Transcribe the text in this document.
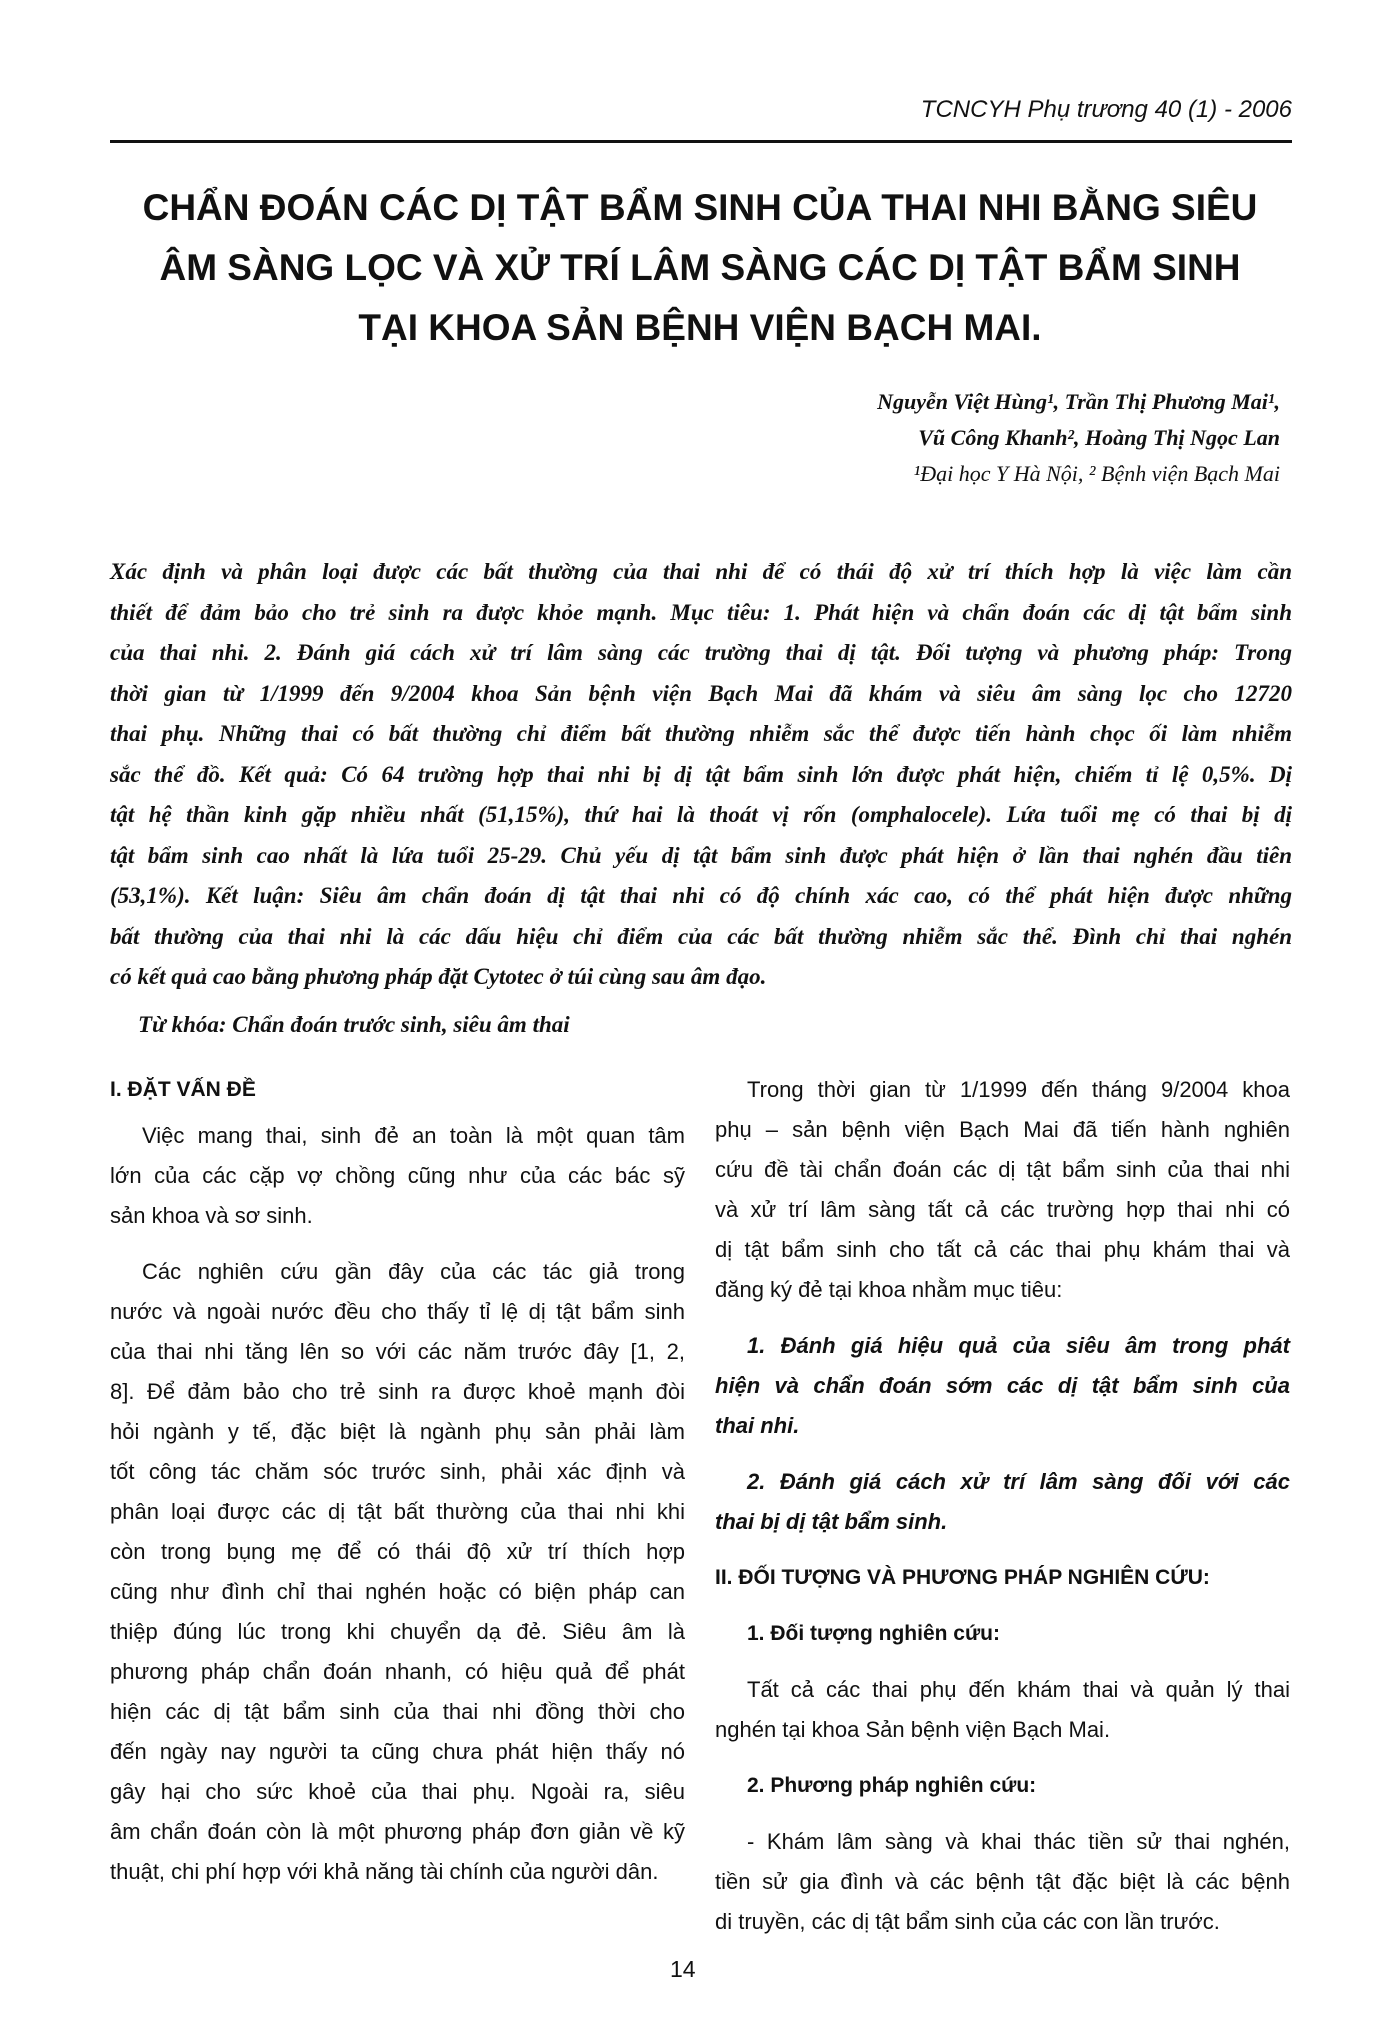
TCNCYH Phụ trương 40 (1) - 2006
CHẨN ĐOÁN CÁC DỊ TẬT BẨM SINH CỦA THAI NHI BẰNG SIÊU
ÂM SÀNG LỌC VÀ XỬ TRÍ LÂM SÀNG CÁC DỊ TẬT BẨM SINH
TẠI KHOA SẢN BỆNH VIỆN BẠCH MAI.
Nguyễn Việt Hùng¹, Trần Thị Phương Mai¹,
Vũ Công Khanh², Hoàng Thị Ngọc Lan
¹Đại học Y Hà Nội, ² Bệnh viện Bạch Mai
Xác định và phân loại được các bất thường của thai nhi để có thái độ xử trí thích hợp là việc làm cần
thiết để đảm bảo cho trẻ sinh ra được khỏe mạnh. Mục tiêu: 1. Phát hiện và chẩn đoán các dị tật bẩm sinh
của thai nhi. 2. Đánh giá cách xử trí lâm sàng các trường thai dị tật. Đối tượng và phương pháp: Trong
thời gian từ 1/1999 đến 9/2004 khoa Sản bệnh viện Bạch Mai đã khám và siêu âm sàng lọc cho 12720
thai phụ. Những thai có bất thường chỉ điểm bất thường nhiễm sắc thể được tiến hành chọc ối làm nhiễm
sắc thể đồ. Kết quả: Có 64 trường hợp thai nhi bị dị tật bẩm sinh lớn được phát hiện, chiếm tỉ lệ 0,5%. Dị
tật hệ thần kinh gặp nhiều nhất (51,15%), thứ hai là thoát vị rốn (omphalocele). Lứa tuổi mẹ có thai bị dị
tật bẩm sinh cao nhất là lứa tuổi 25-29. Chủ yếu dị tật bẩm sinh được phát hiện ở lần thai nghén đầu tiên
(53,1%). Kết luận: Siêu âm chẩn đoán dị tật thai nhi có độ chính xác cao, có thể phát hiện được những
bất thường của thai nhi là các dấu hiệu chỉ điểm của các bất thường nhiễm sắc thể. Đình chỉ thai nghén
có kết quả cao bằng phương pháp đặt Cytotec ở túi cùng sau âm đạo.
Từ khóa: Chẩn đoán trước sinh, siêu âm thai
I. ĐẶT VẤN ĐỀ
Việc mang thai, sinh đẻ an toàn là một quan tâm
lớn của các cặp vợ chồng cũng như của các bác sỹ
sản khoa và sơ sinh.
Các nghiên cứu gần đây của các tác giả trong
nước và ngoài nước đều cho thấy tỉ lệ dị tật bẩm sinh
của thai nhi tăng lên so với các năm trước đây [1, 2,
8]. Để đảm bảo cho trẻ sinh ra được khoẻ mạnh đòi
hỏi ngành y tế, đặc biệt là ngành phụ sản phải làm
tốt công tác chăm sóc trước sinh, phải xác định và
phân loại được các dị tật bất thường của thai nhi khi
còn trong bụng mẹ để có thái độ xử trí thích hợp
cũng như đình chỉ thai nghén hoặc có biện pháp can
thiệp đúng lúc trong khi chuyển dạ đẻ. Siêu âm là
phương pháp chẩn đoán nhanh, có hiệu quả để phát
hiện các dị tật bẩm sinh của thai nhi đồng thời cho
đến ngày nay người ta cũng chưa phát hiện thấy nó
gây hại cho sức khoẻ của thai phụ. Ngoài ra, siêu
âm chẩn đoán còn là một phương pháp đơn giản về kỹ
thuật, chi phí hợp với khả năng tài chính của người dân.
Trong thời gian từ 1/1999 đến tháng 9/2004 khoa
phụ – sản bệnh viện Bạch Mai đã tiến hành nghiên
cứu đề tài chẩn đoán các dị tật bẩm sinh của thai nhi
và xử trí lâm sàng tất cả các trường hợp thai nhi có
dị tật bẩm sinh cho tất cả các thai phụ khám thai và
đăng ký đẻ tại khoa nhằm mục tiêu:
1. Đánh giá hiệu quả của siêu âm trong phát
hiện và chẩn đoán sớm các dị tật bẩm sinh của
thai nhi.
2. Đánh giá cách xử trí lâm sàng đối với các
thai bị dị tật bẩm sinh.
II. ĐỐI TƯỢNG VÀ PHƯƠNG PHÁP NGHIÊN CỨU:
1. Đối tượng nghiên cứu:
Tất cả các thai phụ đến khám thai và quản lý thai
nghén tại khoa Sản bệnh viện Bạch Mai.
2. Phương pháp nghiên cứu:
- Khám lâm sàng và khai thác tiền sử thai nghén,
tiền sử gia đình và các bệnh tật đặc biệt là các bệnh
di truyền, các dị tật bẩm sinh của các con lần trước.
14
